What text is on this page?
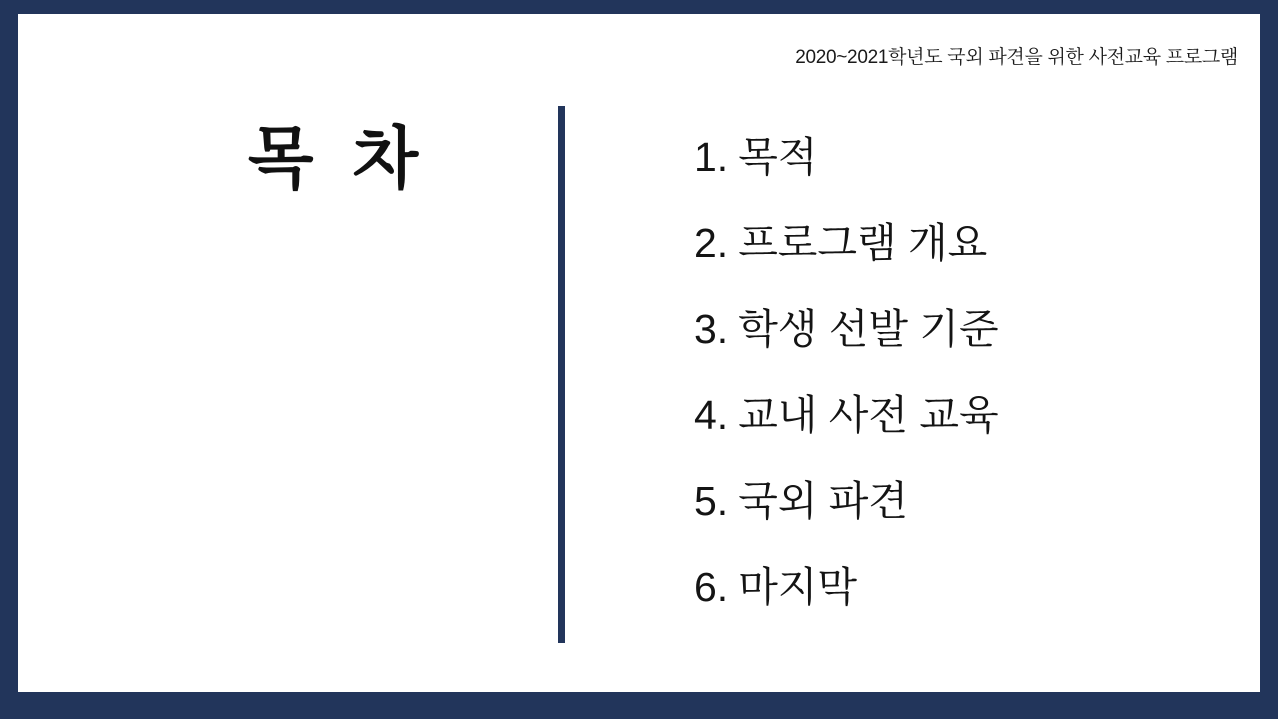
2020~2021학년도 국외 파견을 위한 사전교육 프로그램
목 차	1. 목적
2. 프로그램 개요
3. 학생 선발 기준
4. 교내 사전 교육
5. 국외 파견
6. 마지막
